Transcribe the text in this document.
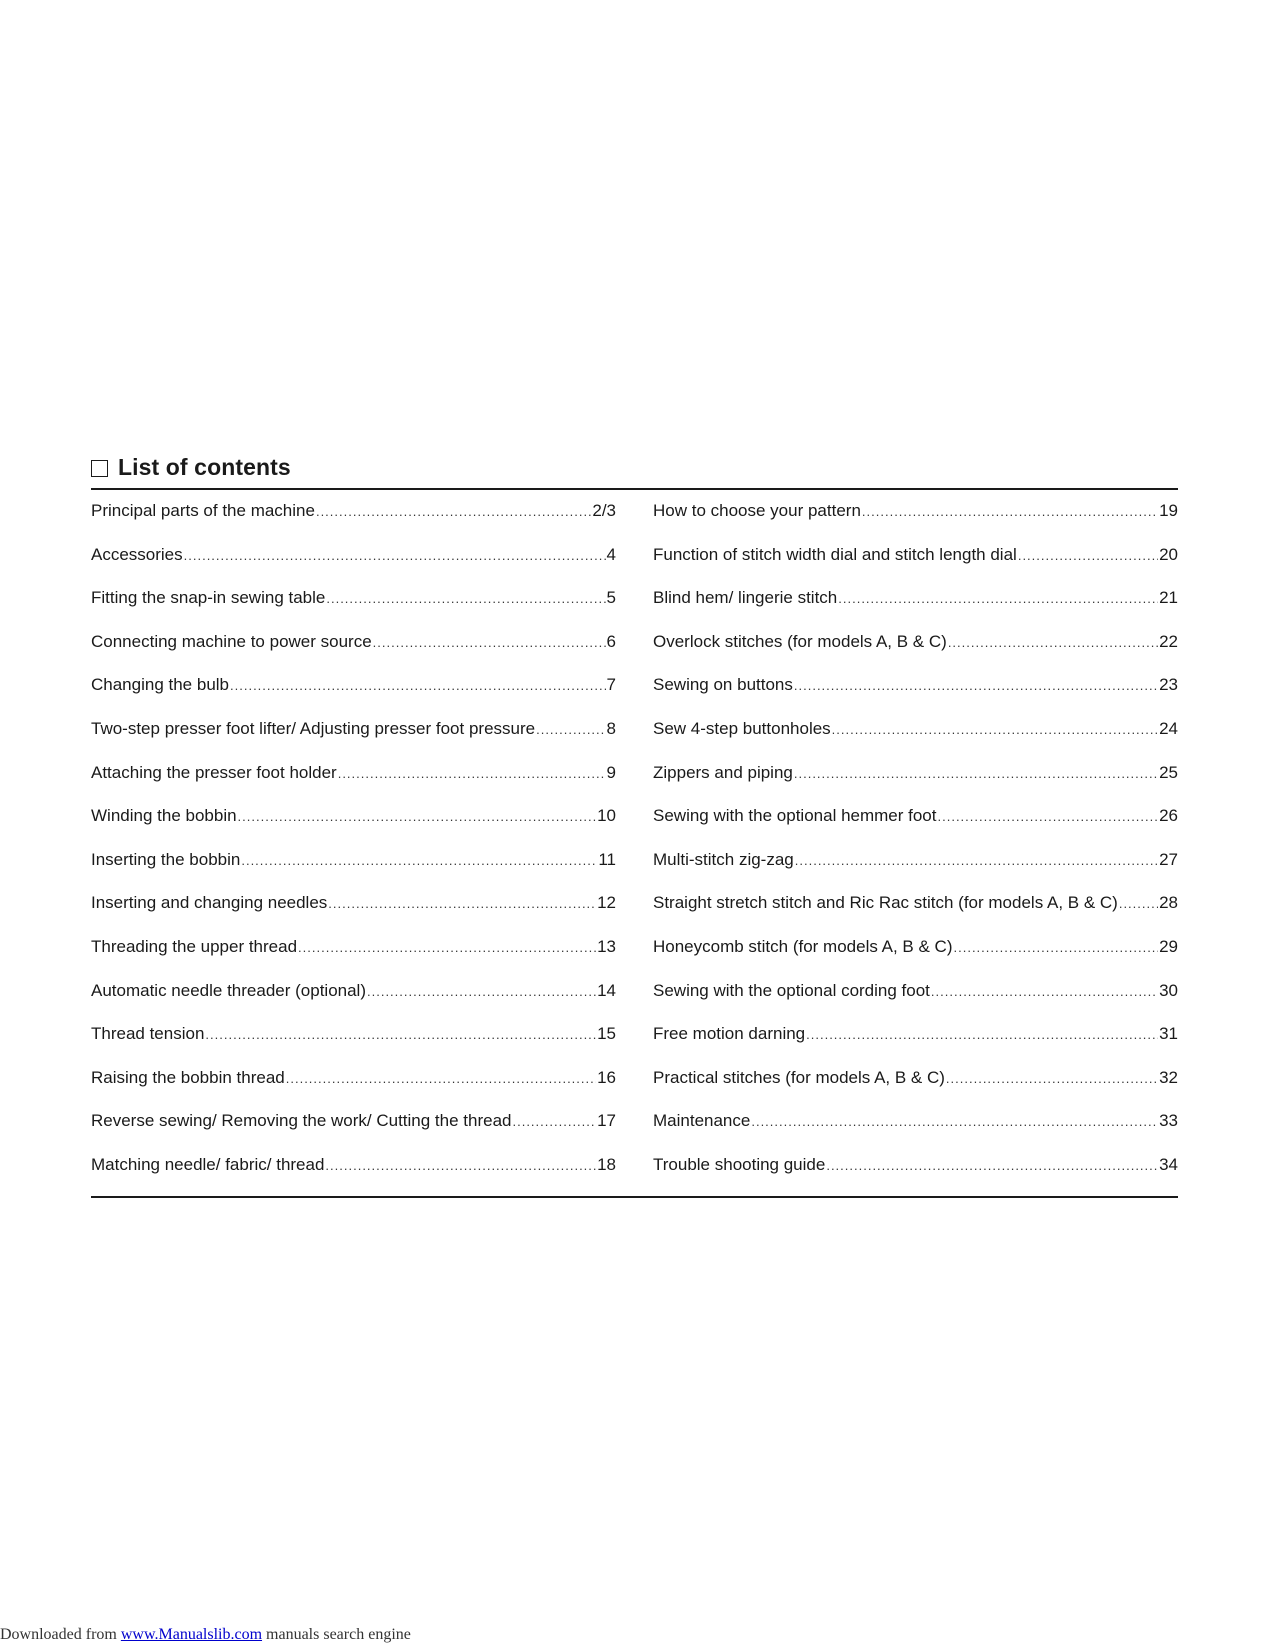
List of contents
Principal parts of the machine .....	2/3
Accessories .....	4
Fitting the snap-in sewing table .....	5
Connecting machine to power source .....	6
Changing the bulb .....	7
Two-step presser foot lifter/ Adjusting presser foot pressure .....	8
Attaching the presser foot holder .....	9
Winding the bobbin .....	10
Inserting the bobbin .....	11
Inserting and changing needles .....	12
Threading the upper thread .....	13
Automatic needle threader (optional) .....	14
Thread tension .....	15
Raising the bobbin thread .....	16
Reverse sewing/ Removing the work/ Cutting the thread .....	17
Matching needle/ fabric/ thread .....	18
How to choose your pattern .....	19
Function of stitch width dial and stitch length dial .....	20
Blind hem/ lingerie stitch .....	21
Overlock stitches (for models A, B & C) .....	22
Sewing on buttons .....	23
Sew 4-step buttonholes .....	24
Zippers and piping .....	25
Sewing with the optional hemmer foot .....	26
Multi-stitch zig-zag .....	27
Straight stretch stitch and Ric Rac stitch (for models A, B & C) ..... 28
Honeycomb stitch (for models A, B & C) .....	29
Sewing with the optional cording foot .....	30
Free motion darning .....	31
Practical stitches (for models A, B & C) .....	32
Maintenance .....	33
Trouble shooting guide .....	34
Downloaded from www.Manualslib.com manuals search engine
